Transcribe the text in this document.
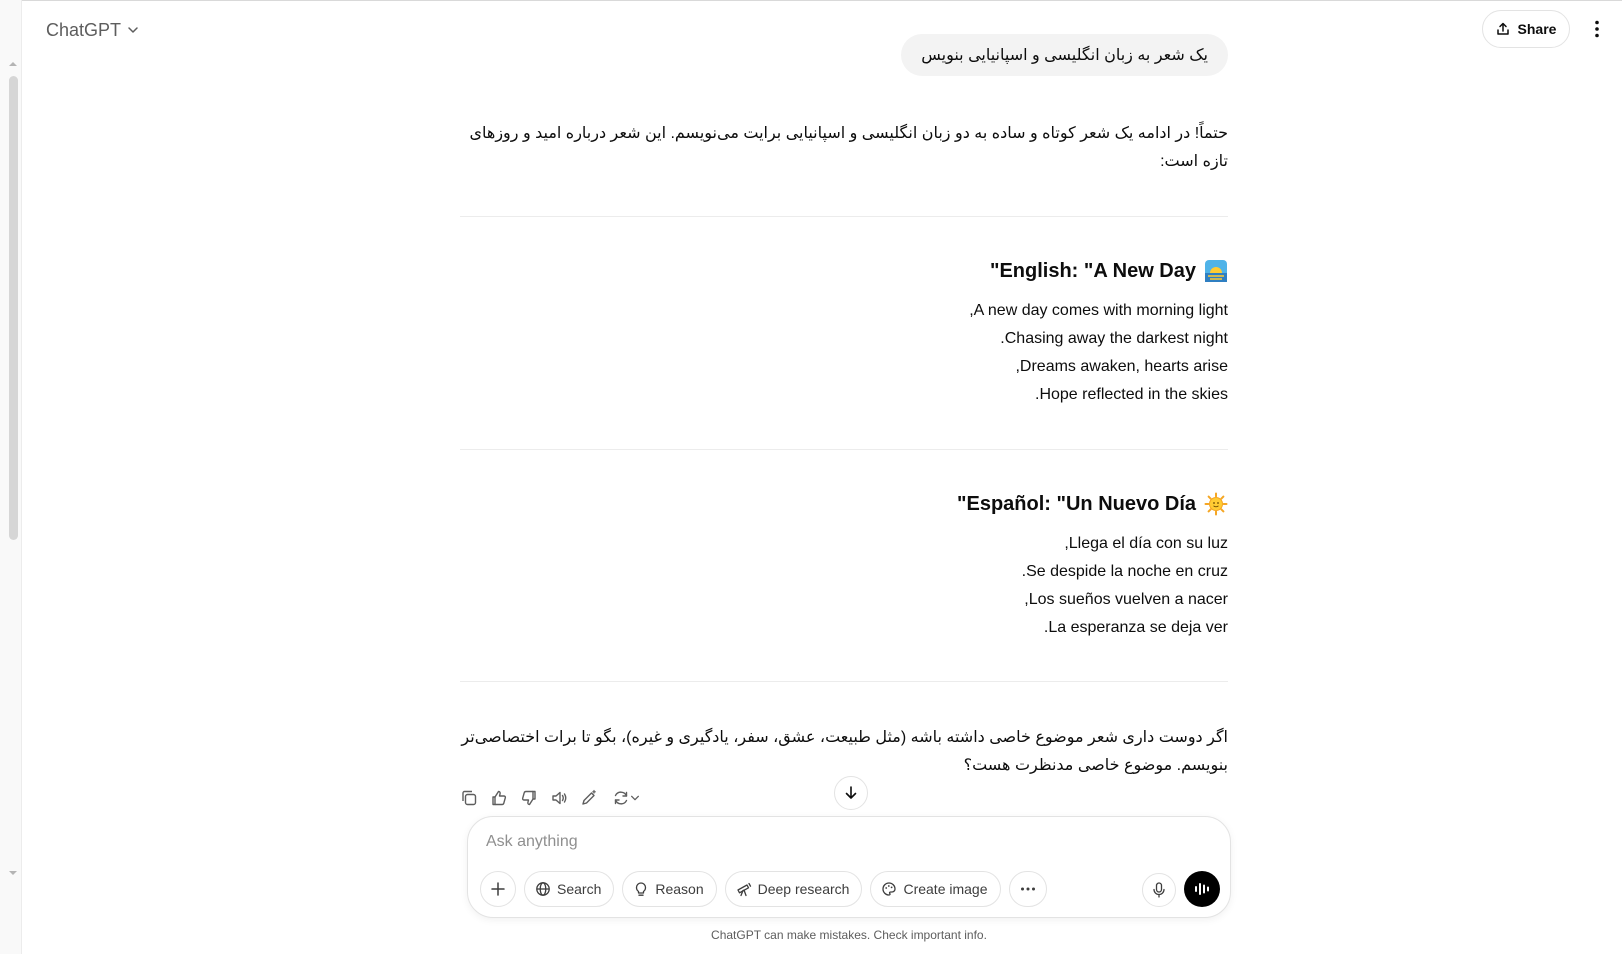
ChatGPT	Share
یک شعر به زبان انگلیسی و اسپانیایی بنویس
حتماً! در ادامه یک شعر کوتاه و ساده به دو زبان انگلیسی و اسپانیایی برایت می‌نویسم. این شعر درباره امید و روزهای
تازه است:
English: "A New Day"
A new day comes with morning light,
Chasing away the darkest night.
Dreams awaken, hearts arise,
Hope reflected in the skies.
Español: "Un Nuevo Día"
Llega el día con su luz,
Se despide la noche en cruz.
Los sueños vuelven a nacer,
La esperanza se deja ver.
اگر دوست داری شعر موضوع خاصی داشته باشه (مثل طبیعت، عشق، سفر، یادگیری و غیره)، بگو تا برات اختصاصی‌تر
بنویسم. موضوع خاصی مدنظرت هست؟
Ask anything
Search	Reason	Deep research	Create image
ChatGPT can make mistakes. Check important info.
